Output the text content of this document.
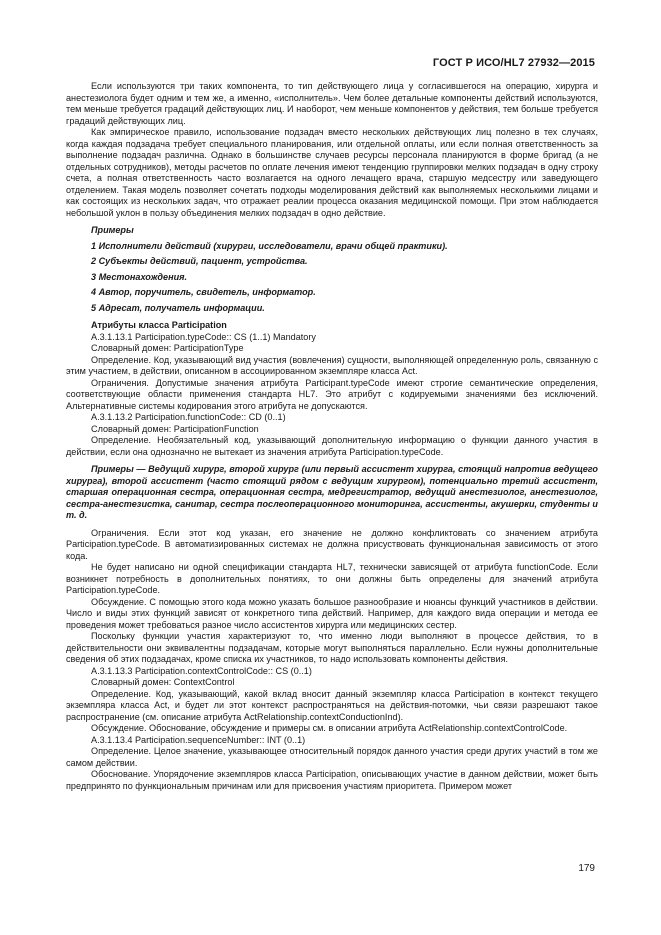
ГОСТ Р ИСО/HL7 27932—2015

Если используются три таких компонента, то тип действующего лица у согласившегося на операцию, хирурга и анестезиолога будет одним и тем же, а именно, «исполнитель». Чем более детальные компоненты действий используются, тем меньше требуется градаций действующих лиц. И наоборот, чем меньше компонентов у действия, тем больше требуется градаций действующих лиц.

Как эмпирическое правило, использование подзадач вместо нескольких действующих лиц полезно в тех случаях, когда каждая подзадача требует специального планирования, или отдельной оплаты, или если полная ответственность за выполнение подзадач различна. Однако в большинстве случаев ресурсы персонала планируются в форме бригад (а не отдельных сотрудников), методы расчетов по оплате лечения имеют тенденцию группировки мелких подзадач в одну строку счета, а полная ответственность часто возлагается на одного лечащего врача, старшую медсестру или заведующего отделением. Такая модель позволяет сочетать подходы моделирования действий как выполняемых несколькими лицами и как состоящих из нескольких задач, что отражает реалии процесса оказания медицинской помощи. При этом наблюдается небольшой уклон в пользу объединения мелких подзадач в одно действие.

Примеры

1 Исполнители действий (хирурги, исследователи, врачи общей практики).

2 Субъекты действий, пациент, устройства.

3 Местонахождения.

4 Автор, поручитель, свидетель, информатор.

5 Адресат, получатель информации.

Атрибуты класса Participation

A.3.1.13.1 Participation.typeCode:: CS (1..1) Mandatory

Словарный домен: ParticipationType

Определение. Код, указывающий вид участия (вовлечения) сущности, выполняющей определенную роль, связанную с этим участием, в действии, описанном в ассоциированном экземпляре класса Act.

Ограничения. Допустимые значения атрибута Participant.typeCode имеют строгие семантические определения, соответствующие области применения стандарта HL7. Это атрибут с кодируемыми значениями без исключений. Альтернативные системы кодирования этого атрибута не допускаются.

A.3.1.13.2 Participation.functionCode:: CD (0..1)

Словарный домен: ParticipationFunction

Определение. Необязательный код, указывающий дополнительную информацию о функции данного участия в действии, если она однозначно не вытекает из значения атрибута Participation.typeCode.

Примеры — Ведущий хирург, второй хирург (или первый ассистент хирурга, стоящий напротив ведущего хирурга), второй ассистент (часто стоящий рядом с ведущим хирургом), потенциально третий ассистент, старшая операционная сестра, операционная сестра, медрегистратор, ведущий анестезиолог, анестезиолог, сестра-анестезистка, санитар, сестра послеоперационного мониторинга, ассистенты, акушерки, студенты и т. д.

Ограничения. Если этот код указан, его значение не должно конфликтовать со значением атрибута Participation.typeCode. В автоматизированных системах не должна присуствовать функциональная зависимость от этого кода.

Не будет написано ни одной спецификации стандарта HL7, технически зависящей от атрибута functionCode. Если возникнет потребность в дополнительных понятиях, то они должны быть определены для значений атрибута Participation.typeCode.

Обсуждение. С помощью этого кода можно указать большое разнообразие и нюансы функций участников в действии. Число и виды этих функций зависят от конкретного типа действий. Например, для каждого вида операции и метода ее проведения может требоваться разное число ассистентов хирурга или медицинских сестер.

Поскольку функции участия характеризуют то, что именно люди выполняют в процессе действия, то в действительности они эквивалентны подзадачам, которые могут выполняться параллельно. Если нужны дополнительные сведения об этих подзадачах, кроме списка их участников, то надо использовать компоненты действия.

A.3.1.13.3 Participation.contextControlCode:: CS (0..1)

Словарный домен: ContextControl

Определение. Код, указывающий, какой вклад вносит данный экземпляр класса Participation в контекст текущего экземпляра класса Act, и будет ли этот контекст распространяться на действия-потомки, чьи связи разрешают такое распространение (см. описание атрибута ActRelationship.contextConductionInd).

Обсуждение. Обоснование, обсуждение и примеры см. в описании атрибута ActRelationship.contextControlCode.

A.3.1.13.4 Participation.sequenceNumber:: INT (0..1)

Определение. Целое значение, указывающее относительный порядок данного участия среди других участий в том же самом действии.

Обоснование. Упорядочение экземпляров класса Participation, описывающих участие в данном действии, может быть предпринято по функциональным причинам или для присвоения участиям приоритета. Примером может

179
